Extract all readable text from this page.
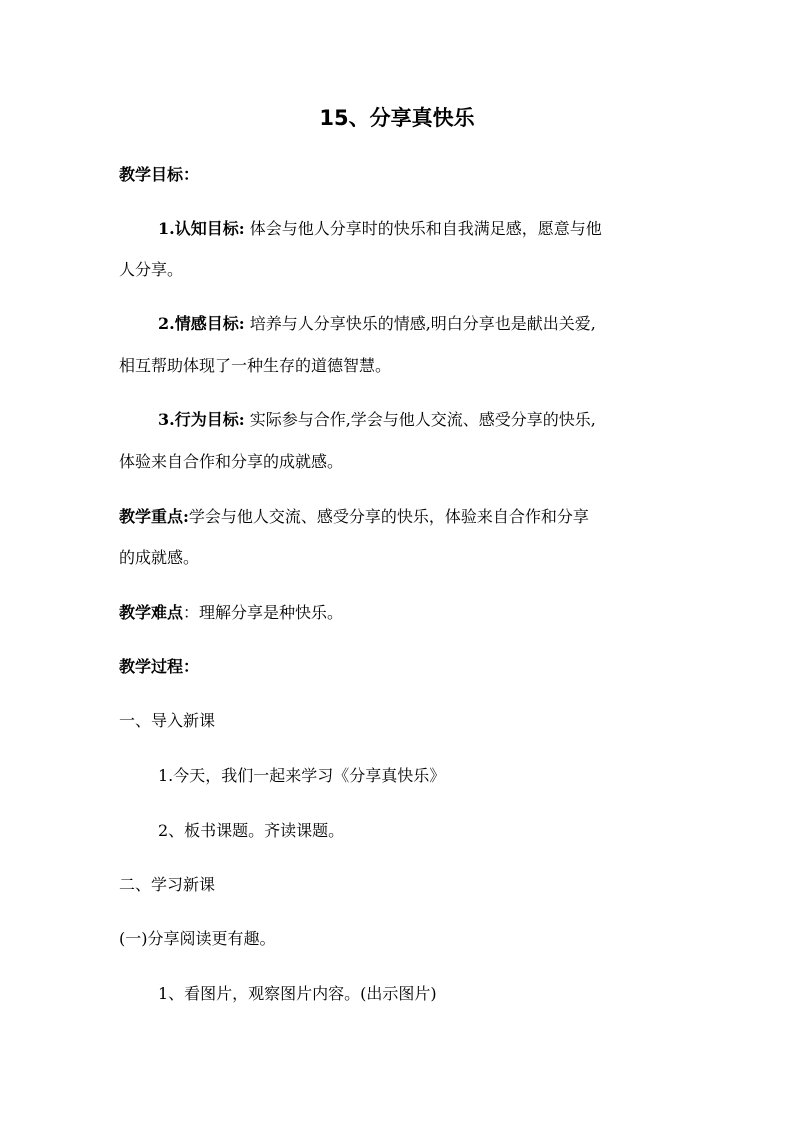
15、分享真快乐

教学目标：

1.认知目标: 体会与他人分享时的快乐和自我满足感，愿意与他

人分享。

2.情感目标: 培养与人分享快乐的情感,明白分享也是献出关爱,

相互帮助体现了一种生存的道德智慧。

3.行为目标: 实际参与合作,学会与他人交流、感受分享的快乐,

体验来自合作和分享的成就感。

教学重点:学会与他人交流、感受分享的快乐，体验来自合作和分享

的成就感。

教学难点：理解分享是种快乐。

教学过程：

一、导入新课

1.今天，我们一起来学习《分享真快乐》

2、板书课题。齐读课题。

二、学习新课

(一)分享阅读更有趣。

1、看图片，观察图片内容。(出示图片)
